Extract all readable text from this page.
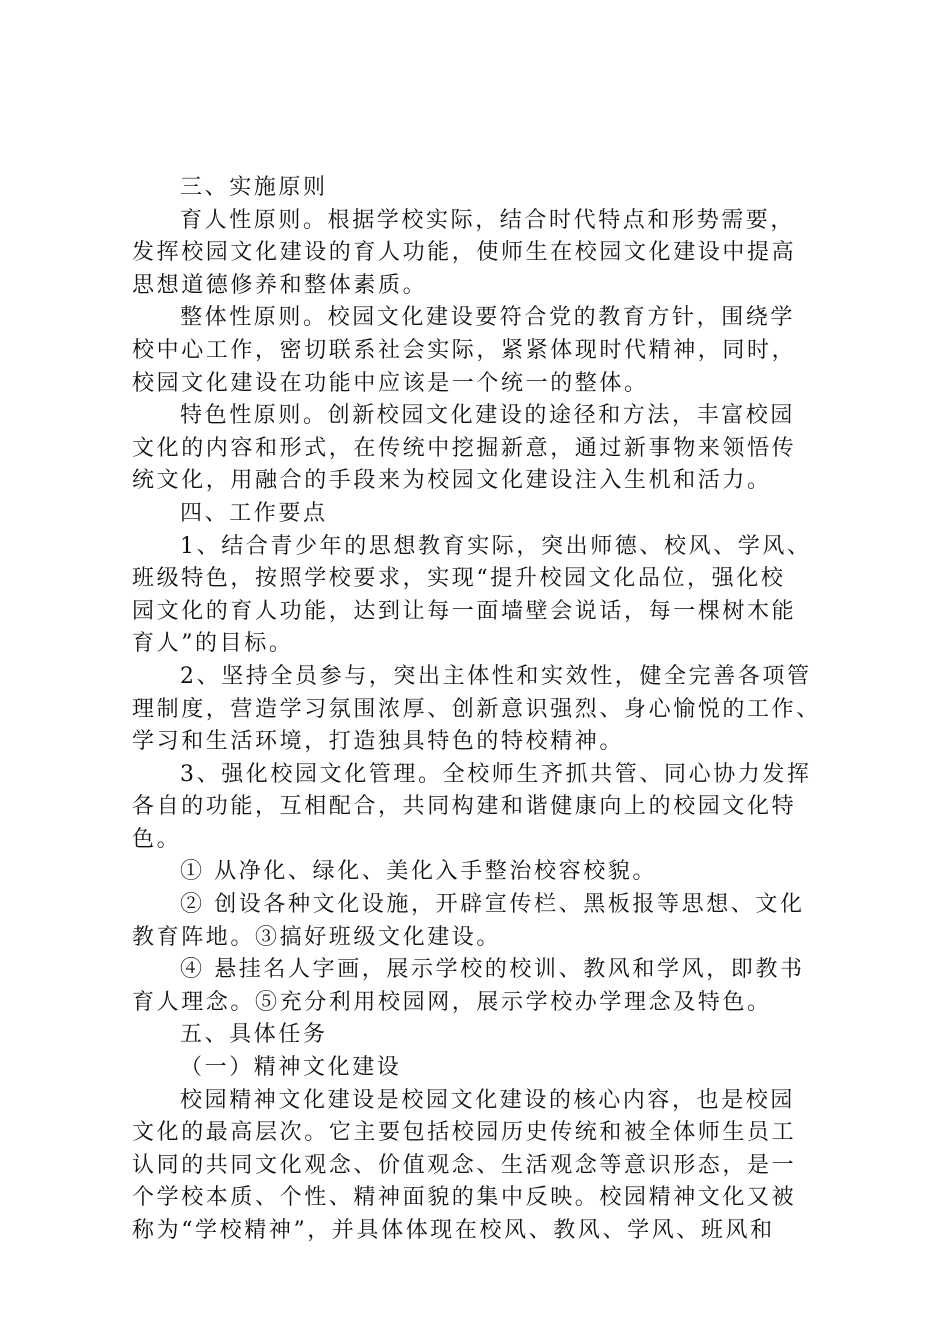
三、实施原则
育人性原则。根据学校实际，结合时代特点和形势需要，
发挥校园文化建设的育人功能，使师生在校园文化建设中提高
思想道德修养和整体素质。
整体性原则。校园文化建设要符合党的教育方针，围绕学
校中心工作，密切联系社会实际，紧紧体现时代精神，同时，
校园文化建设在功能中应该是一个统一的整体。
特色性原则。创新校园文化建设的途径和方法，丰富校园
文化的内容和形式，在传统中挖掘新意，通过新事物来领悟传
统文化，用融合的手段来为校园文化建设注入生机和活力。
四、工作要点
1、结合青少年的思想教育实际，突出师德、校风、学风、
班级特色，按照学校要求，实现“提升校园文化品位，强化校
园文化的育人功能，达到让每一面墙壁会说话，每一棵树木能
育人”的目标。
2、坚持全员参与，突出主体性和实效性，健全完善各项管
理制度，营造学习氛围浓厚、创新意识强烈、身心愉悦的工作、
学习和生活环境，打造独具特色的特校精神。
3、强化校园文化管理。全校师生齐抓共管、同心协力发挥
各自的功能，互相配合，共同构建和谐健康向上的校园文化特
色。
① 从净化、绿化、美化入手整治校容校貌。
② 创设各种文化设施，开辟宣传栏、黑板报等思想、文化
教育阵地。③搞好班级文化建设。
④ 悬挂名人字画，展示学校的校训、教风和学风，即教书
育人理念。⑤充分利用校园网，展示学校办学理念及特色。
五、具体任务
（一）精神文化建设
校园精神文化建设是校园文化建设的核心内容，也是校园
文化的最高层次。它主要包括校园历史传统和被全体师生员工
认同的共同文化观念、价值观念、生活观念等意识形态，是一
个学校本质、个性、精神面貌的集中反映。校园精神文化又被
称为“学校精神”，并具体体现在校风、教风、学风、班风和
